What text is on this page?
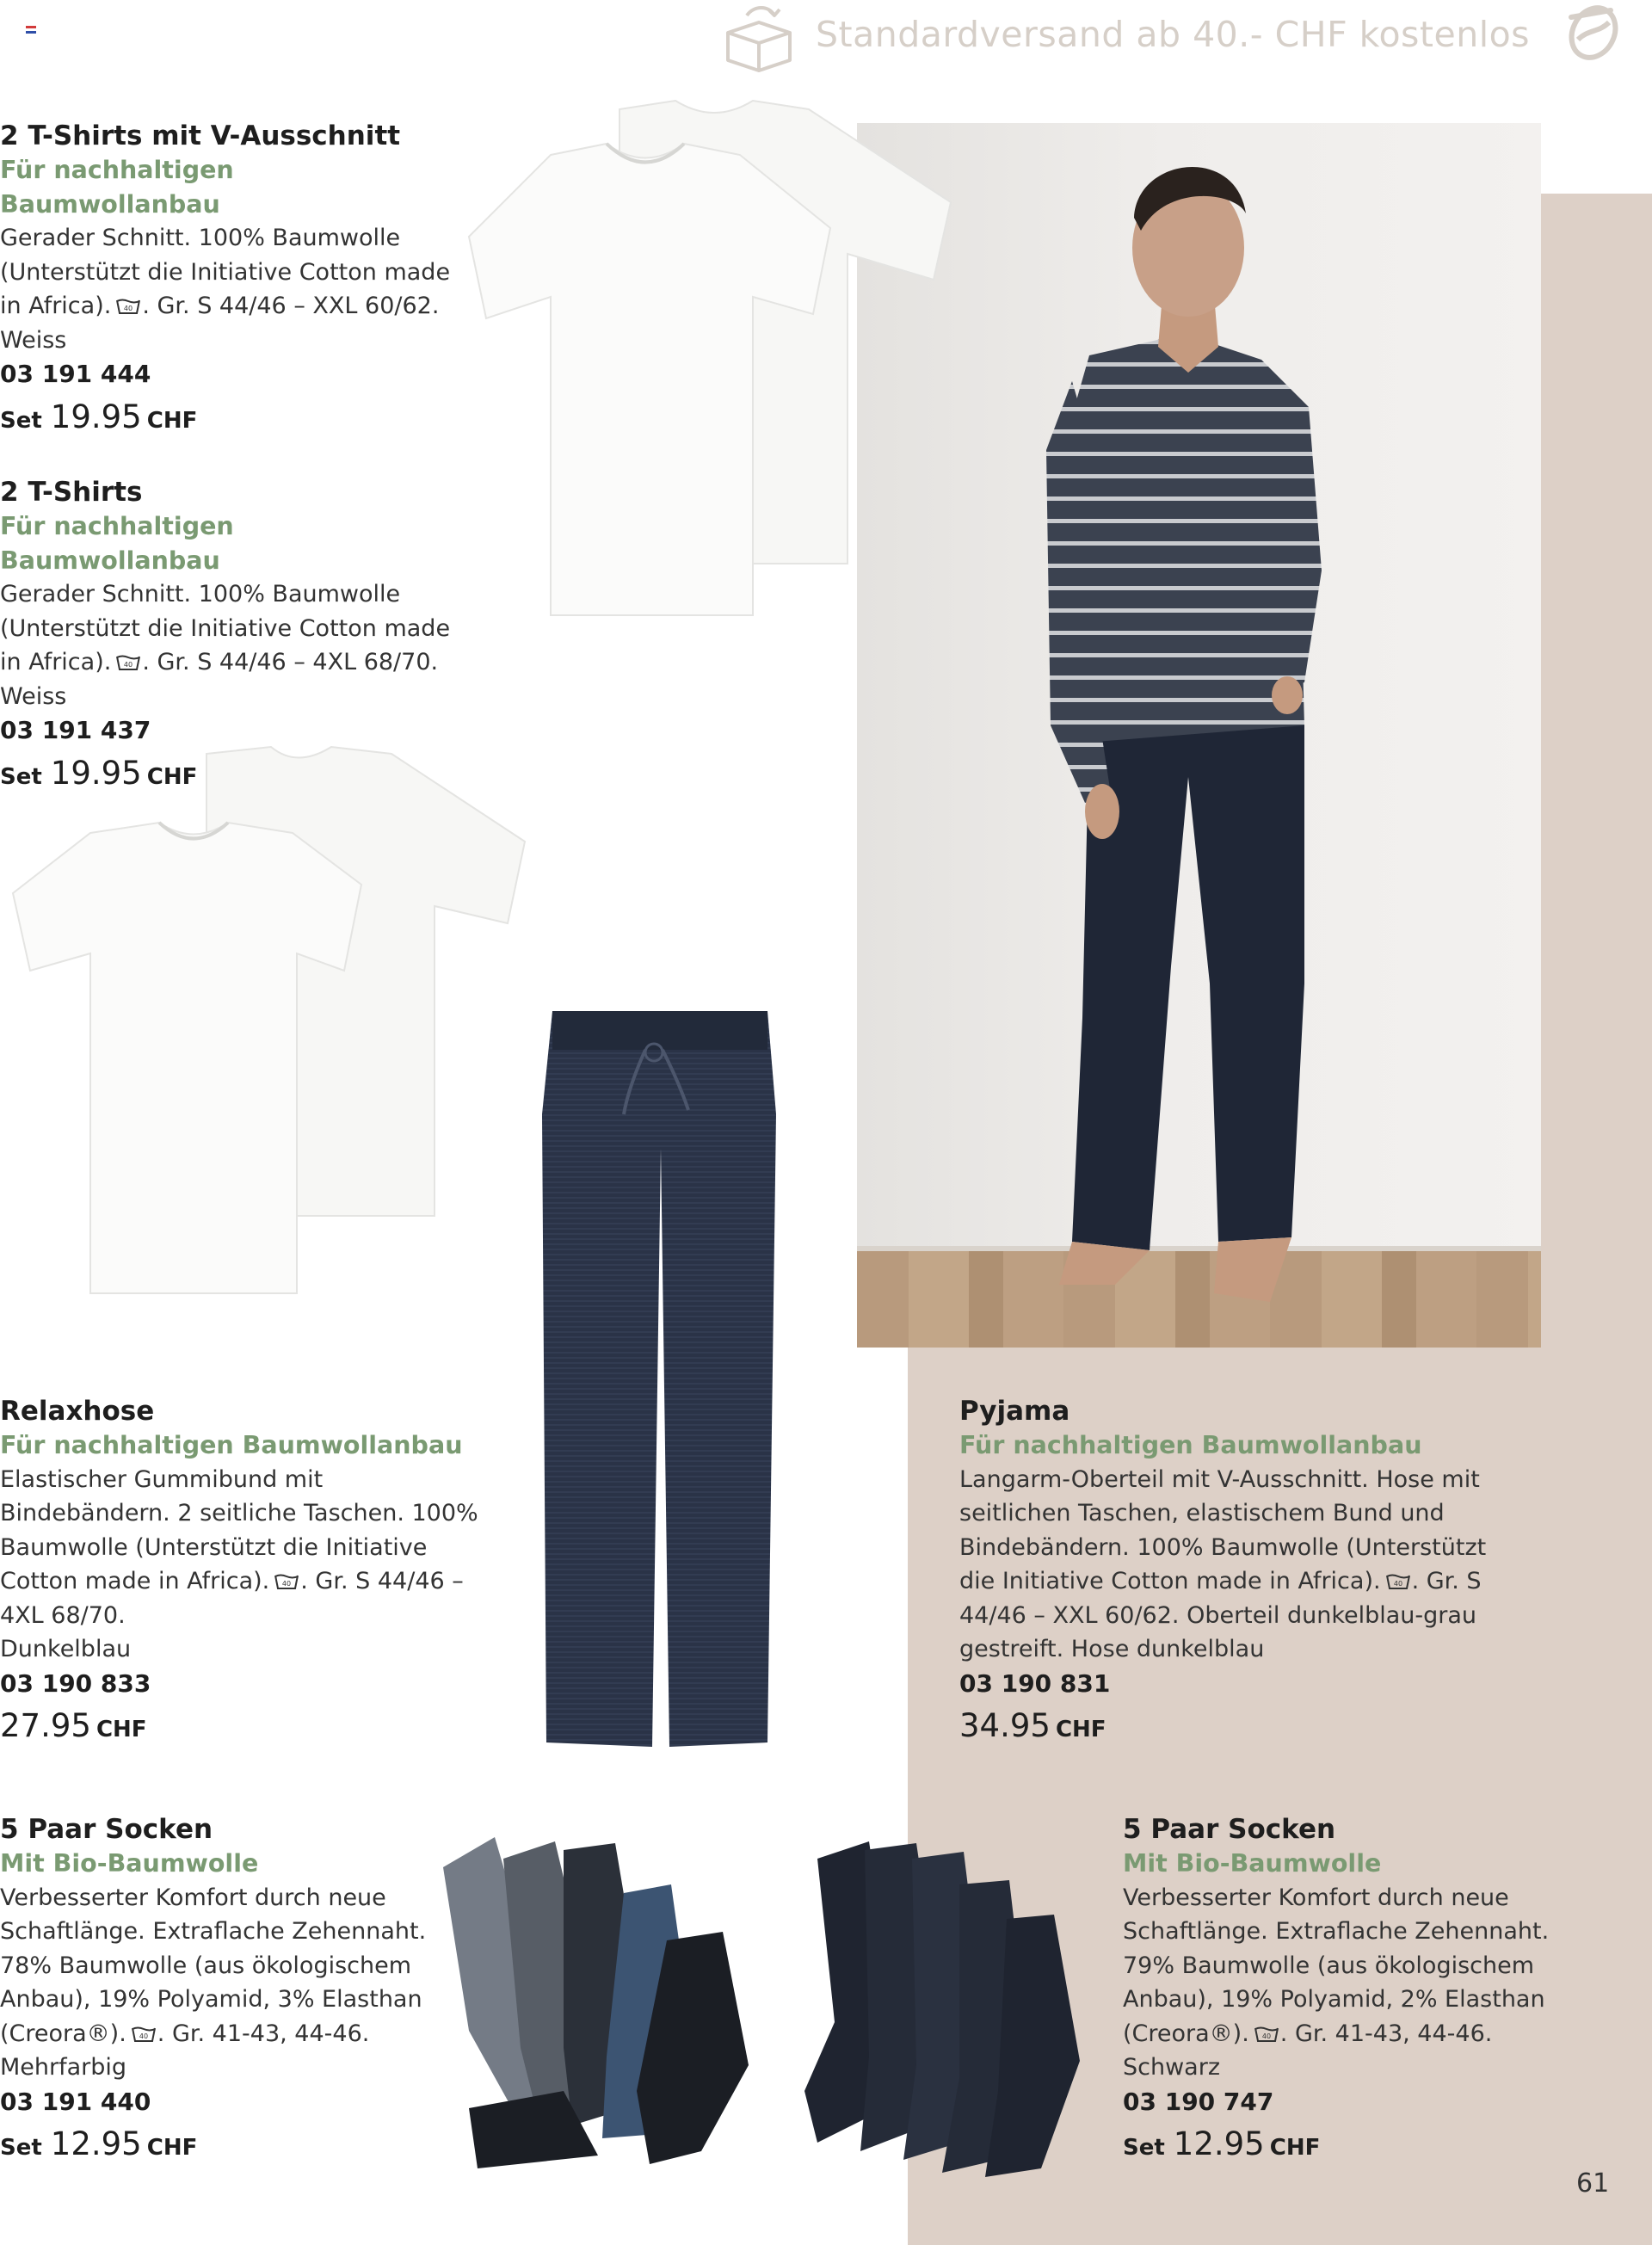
Standardversand ab 40.- CHF kostenlos
2 T-Shirts mit V-Ausschnitt
Für nachhaltigen Baumwollanbau
Gerader Schnitt. 100% Baumwolle (Unterstützt die Initiative Cotton made in Africa). 40 . Gr. S 44/46 – XXL 60/62.
Weiss
03 191 444
Set 19.95 CHF
2 T-Shirts
Für nachhaltigen Baumwollanbau
Gerader Schnitt. 100% Baumwolle (Unterstützt die Initiative Cotton made in Africa). 40 . Gr. S 44/46 – 4XL 68/70.
Weiss
03 191 437
Set 19.95 CHF
Relaxhose
Für nachhaltigen Baumwollanbau
Elastischer Gummibund mit Bindebändern. 2 seitliche Taschen. 100% Baumwolle (Unterstützt die Initiative Cotton made in Africa). 40 . Gr. S 44/46 – 4XL 68/70.
Dunkelblau
03 190 833
27.95 CHF
Pyjama
Für nachhaltigen Baumwollanbau
Langarm-Oberteil mit V-Ausschnitt. Hose mit seitlichen Taschen, elastischem Bund und Bindebändern. 100% Baumwolle (Unterstützt die Initiative Cotton made in Africa). 40 . Gr. S 44/46 – XXL 60/62. Oberteil dunkelblau-grau gestreift. Hose dunkelblau
03 190 831
34.95 CHF
5 Paar Socken
Mit Bio-Baumwolle
Verbesserter Komfort durch neue Schaftlänge. Extraflache Zehennaht. 78% Baumwolle (aus ökologischem Anbau), 19% Polyamid, 3% Elasthan (Creora®). 40 . Gr. 41-43, 44-46.
Mehrfarbig
03 191 440
Set 12.95 CHF
5 Paar Socken
Mit Bio-Baumwolle
Verbesserter Komfort durch neue Schaftlänge. Extraflache Zehennaht. 79% Baumwolle (aus ökologischem Anbau), 19% Polyamid, 2% Elasthan (Creora®). 40 . Gr. 41-43, 44-46.
Schwarz
03 190 747
Set 12.95 CHF
61
